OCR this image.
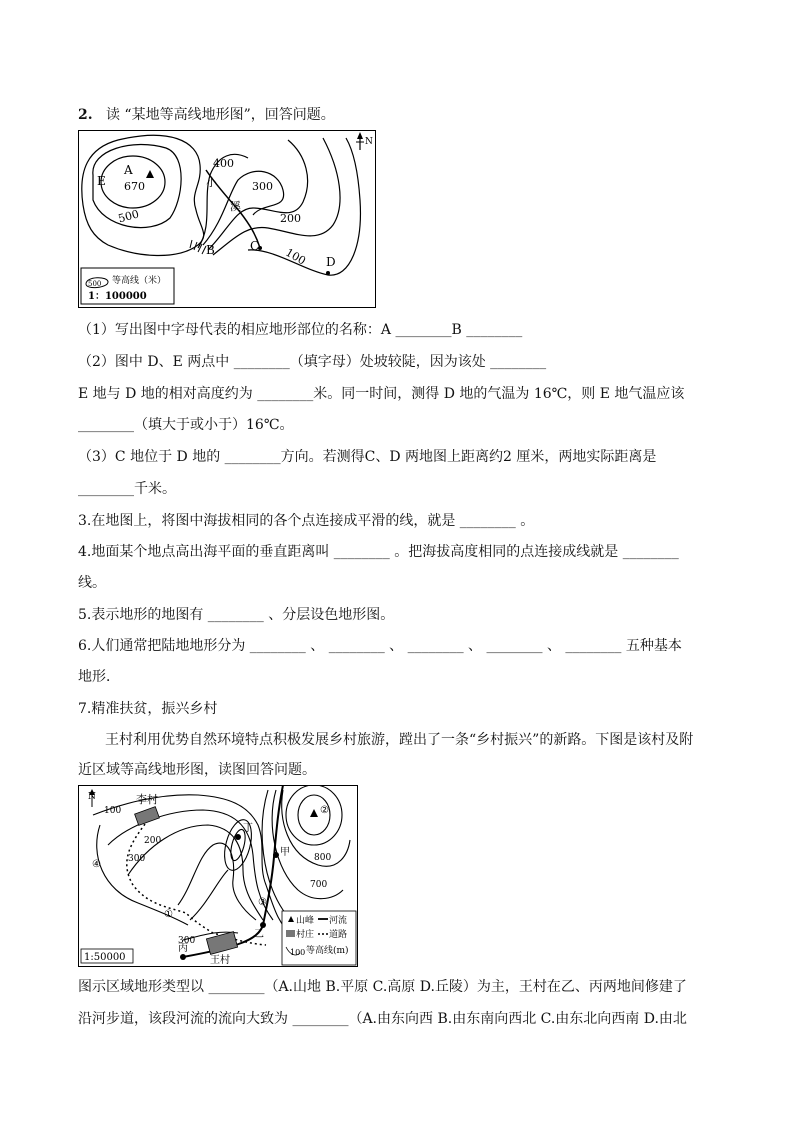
2. 读 “某地等高线地形图”，回答问题。
A
E 670
400
300
200
100
500
小
溪
B	C
D
N
500 等高线（米）
1：100000
（1）写出图中字母代表的相应地形部位的名称：A ________B ________
（2）图中 D、E 两点中 ________（填字母）处坡较陡，因为该处 ________
E 地与 D 地的相对高度约为 ________米。同一时间，测得 D 地的气温为 16℃，则 E 地气温应该
________（填大于或小于）16℃。
（3）C 地位于 D 地的 ________方向。若测得C、D 两地图上距离约2 厘米，两地实际距离是
________千米。
3.在地图上，将图中海拔相同的各个点连接成平滑的线，就是 ________ 。
4.地面某个地点高出海平面的垂直距离叫 ________ 。把海拔高度相同的点连接成线就是 ________
线。
5.表示地形的地图有 ________ 、分层设色地形图。
6.人们通常把陆地地形分为 ________ 、 ________ 、 ________ 、 ________ 、 ________ 五种基本
地形．
7.精准扶贫，振兴乡村
王村利用优势自然环境特点积极发展乡村旅游，蹚出了一条“乡村振兴”的新路。下图是该村及附
近区域等高线地形图，读图回答问题。
李村
丁
甲
乙
丙
王村
①
②
③
④
100
200
300
300
800
700
N
1:50000
山峰 河流
村庄 道路
100 等高线(m)
图示区域地形类型以 ________（A.山地 B.平原 C.高原 D.丘陵）为主，王村在乙、丙两地间修建了
沿河步道，该段河流的流向大致为 ________（A.由东向西 B.由东南向西北 C.由东北向西南 D.由北
